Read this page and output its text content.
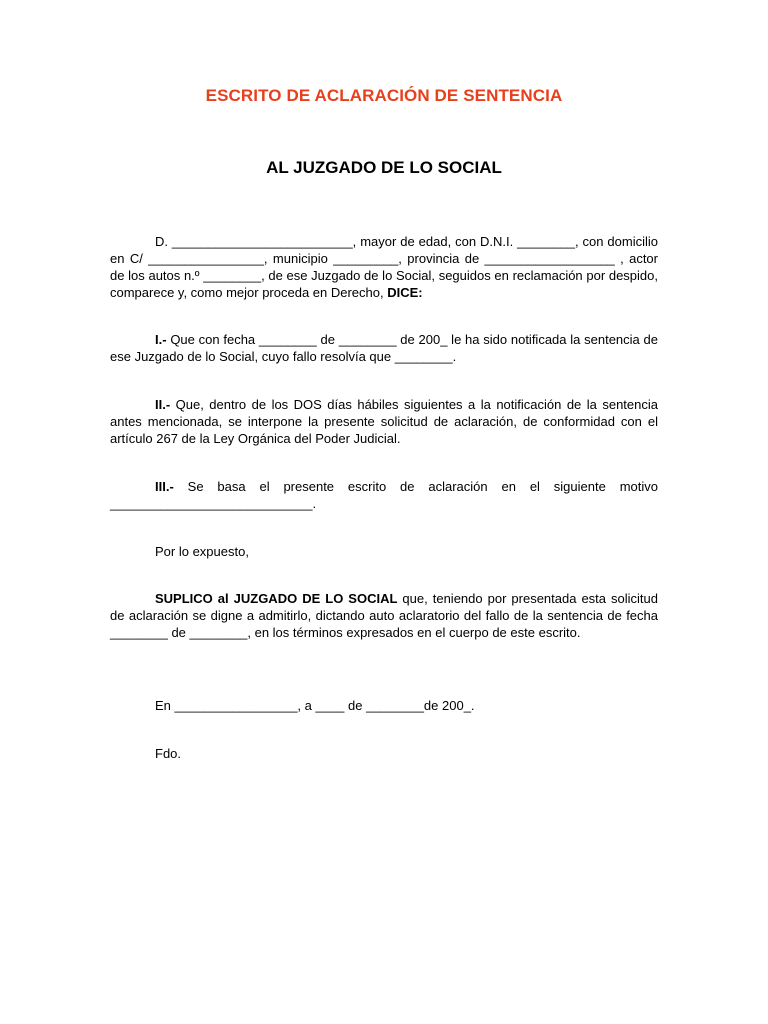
ESCRITO DE ACLARACIÓN DE SENTENCIA
AL JUZGADO DE LO SOCIAL

D. _________________________, mayor de edad, con D.N.I. ________, con domicilio en C/ ________________, municipio _________, provincia de __________________ , actor de los autos n.º ________, de ese Juzgado de lo Social, seguidos en reclamación por despido, comparece y, como mejor proceda en Derecho, DICE:

I.- Que con fecha ________ de ________ de 200_ le ha sido notificada la sentencia de ese Juzgado de lo Social, cuyo fallo resolvía que ________.

II.- Que, dentro de los DOS días hábiles siguientes a la notificación de la sentencia antes mencionada, se interpone la presente solicitud de aclaración, de conformidad con el artículo 267 de la Ley Orgánica del Poder Judicial.

III.- Se basa el presente escrito de aclaración en el siguiente motivo ____________________________.

Por lo expuesto,

SUPLICO al JUZGADO DE LO SOCIAL que, teniendo por presentada esta solicitud de aclaración se digne a admitirlo, dictando auto aclaratorio del fallo de la sentencia de fecha ________ de ________, en los términos expresados en el cuerpo de este escrito.

En _________________, a ____ de ________de 200_.

Fdo.
